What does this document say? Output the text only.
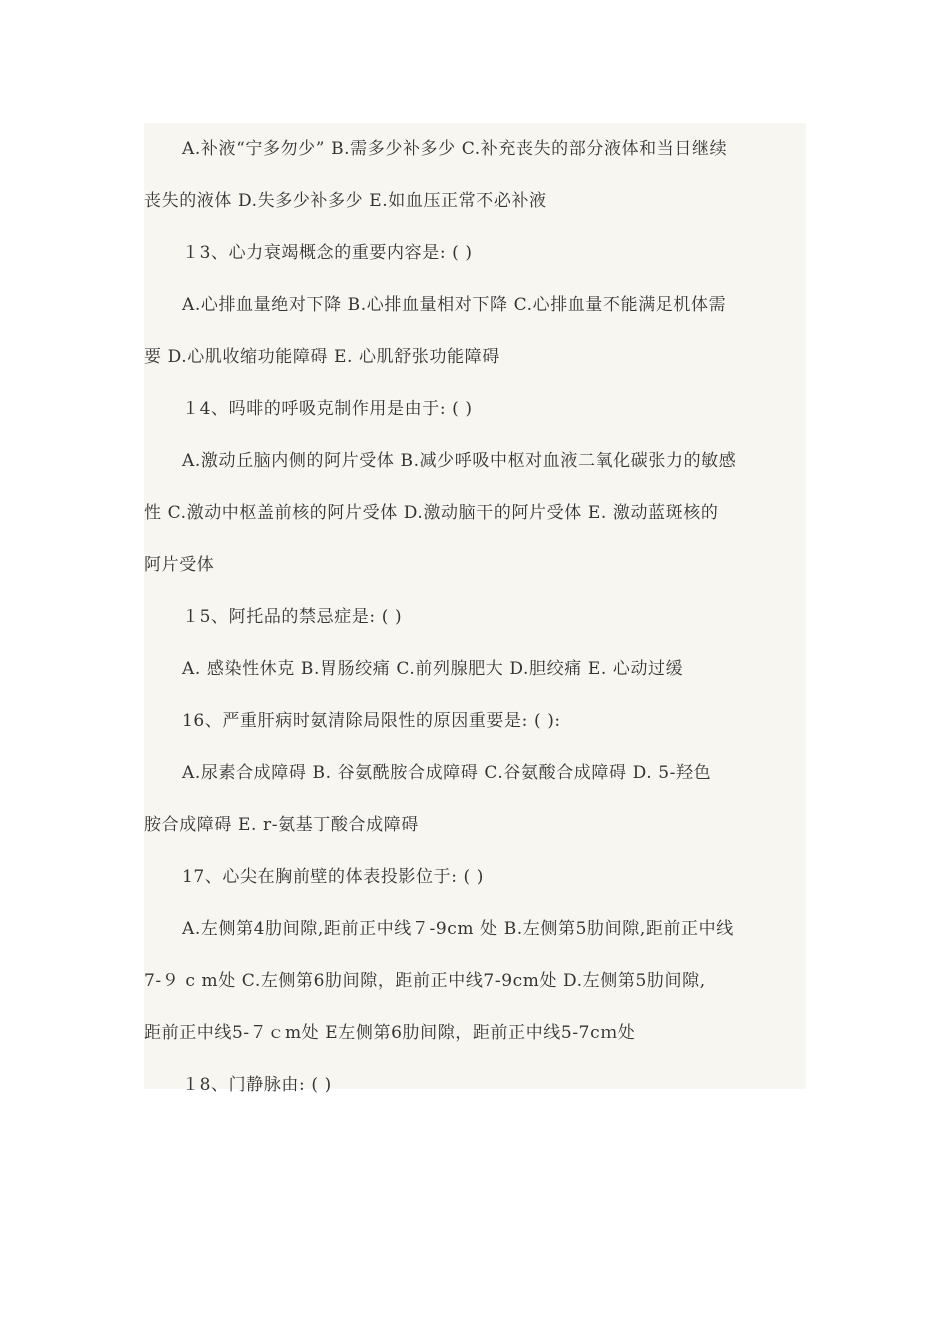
A.补液“宁多勿少” B.需多少补多少 C.补充丧失的部分液体和当日继续
丧失的液体 D.失多少补多少 E.如血压正常不必补液
１3、心力衰竭概念的重要内容是: ( )
A.心排血量绝对下降 B.心排血量相对下降 C.心排血量不能满足机体需
要 D.心肌收缩功能障碍 E. 心肌舒张功能障碍
１4、吗啡的呼吸克制作用是由于: ( )
A.激动丘脑内侧的阿片受体 B.减少呼吸中枢对血液二氧化碳张力的敏感
性 C.激动中枢盖前核的阿片受体 D.激动脑干的阿片受体 E. 激动蓝斑核的
阿片受体
１5、阿托品的禁忌症是: ( )
A. 感染性休克 B.胃肠绞痛 C.前列腺肥大 D.胆绞痛 E. 心动过缓
16、严重肝病时氨清除局限性的原因重要是: ( ):
A.尿素合成障碍 B. 谷氨酰胺合成障碍 C.谷氨酸合成障碍 D. 5-羟色
胺合成障碍 E. r-氨基丁酸合成障碍
17、心尖在胸前壁的体表投影位于: ( )
A.左侧第4肋间隙,距前正中线７-9cm 处 B.左侧第5肋间隙,距前正中线
7-９ c m处 C.左侧第6肋间隙，距前正中线7-9cm处 D.左侧第5肋间隙,
距前正中线5-７ｃm处 E左侧第6肋间隙，距前正中线5-7cｍ处
１8、门静脉由: ( )
